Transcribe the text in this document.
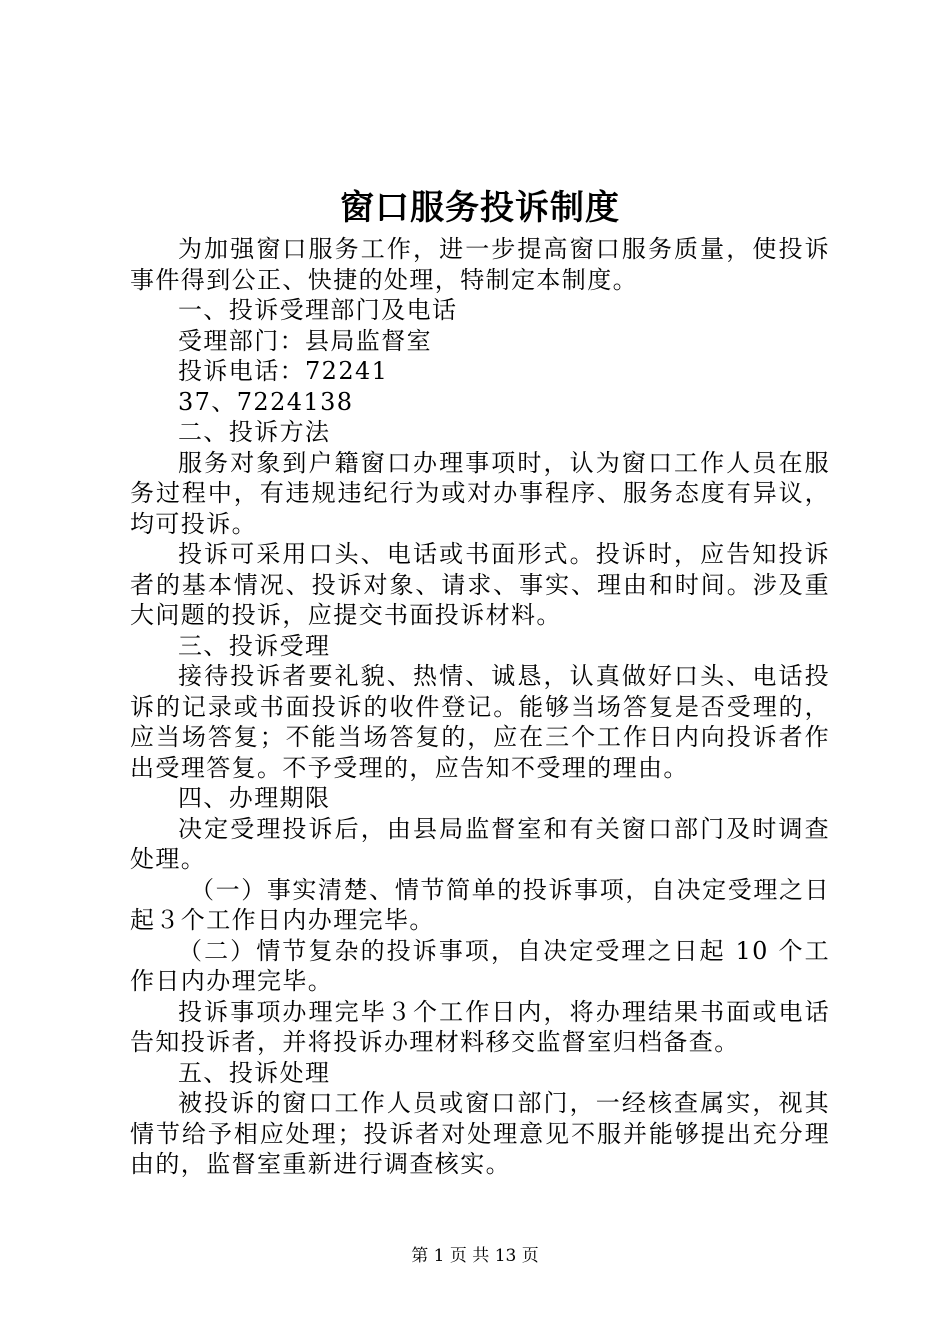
窗口服务投诉制度

为加强窗口服务工作，进一步提高窗口服务质量，使投诉事件得到公正、快捷的处理，特制定本制度。

一、投诉受理部门及电话

受理部门：县局监督室

投诉电话：72241

37、7224138

二、投诉方法

服务对象到户籍窗口办理事项时，认为窗口工作人员在服务过程中，有违规违纪行为或对办事程序、服务态度有异议，均可投诉。

投诉可采用口头、电话或书面形式。投诉时，应告知投诉者的基本情况、投诉对象、请求、事实、理由和时间。涉及重大问题的投诉，应提交书面投诉材料。

三、投诉受理

接待投诉者要礼貌、热情、诚恳，认真做好口头、电话投诉的记录或书面投诉的收件登记。能够当场答复是否受理的，应当场答复；不能当场答复的，应在三个工作日内向投诉者作出受理答复。不予受理的，应告知不受理的理由。

四、办理期限

决定受理投诉后，由县局监督室和有关窗口部门及时调查处理。

（一）事实清楚、情节简单的投诉事项，自决定受理之日起３个工作日内办理完毕。

（二）情节复杂的投诉事项，自决定受理之日起 10 个工作日内办理完毕。

投诉事项办理完毕３个工作日内，将办理结果书面或电话告知投诉者，并将投诉办理材料移交监督室归档备查。

五、投诉处理

被投诉的窗口工作人员或窗口部门，一经核查属实，视其情节给予相应处理；投诉者对处理意见不服并能够提出充分理由的，监督室重新进行调查核实。

第 1 页 共 13 页
